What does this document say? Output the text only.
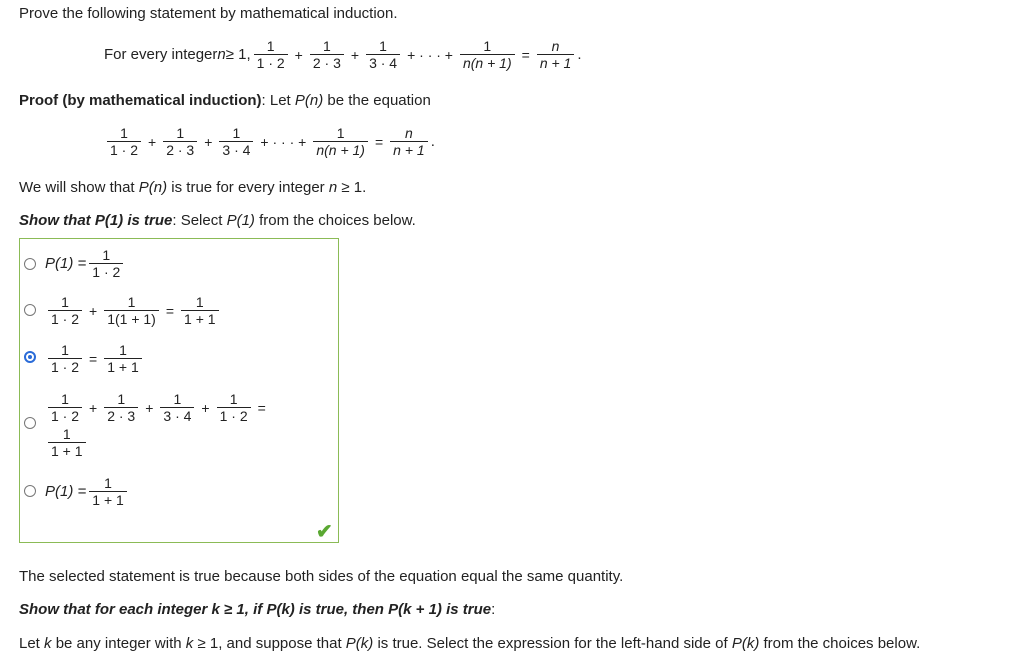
Prove the following statement by mathematical induction.
For every integer n ≥ 1, $\frac{1}{1 \cdot 2} + \frac{1}{2 \cdot 3} + \frac{1}{3 \cdot 4}$ + · · · + $\frac{1}{n(n + 1)} = \frac{n}{n + 1}$ .
Proof (by mathematical induction): Let P(n) be the equation
$\frac{1}{1 \cdot 2} + \frac{1}{2 \cdot 3} + \frac{1}{3 \cdot 4}$ + · · · + $\frac{1}{n(n + 1)} = \frac{n}{n + 1}$ .
We will show that P(n) is true for every integer n ≥ 1.
Show that P(1) is true: Select P(1) from the choices below.
$P(1) = \frac{1}{1 \cdot 2}$
$\frac{1}{1 \cdot 2} + \frac{1}{1(1 + 1)} = \frac{1}{1 + 1}$
$\frac{1}{1 \cdot 2} = \frac{1}{1 + 1}$
$\frac{1}{1 \cdot 2} + \frac{1}{2 \cdot 3} + \frac{1}{3 \cdot 4} + \frac{1}{1 \cdot 2}$ =
$\frac{1}{1 + 1}$
$P(1) = \frac{1}{1 + 1}$
✔
The selected statement is true because both sides of the equation equal the same quantity.
Show that for each integer k ≥ 1, if P(k) is true, then P(k + 1) is true:
Let k be any integer with k ≥ 1, and suppose that P(k) is true. Select the expression for the left-hand side of P(k) from the choices below.
